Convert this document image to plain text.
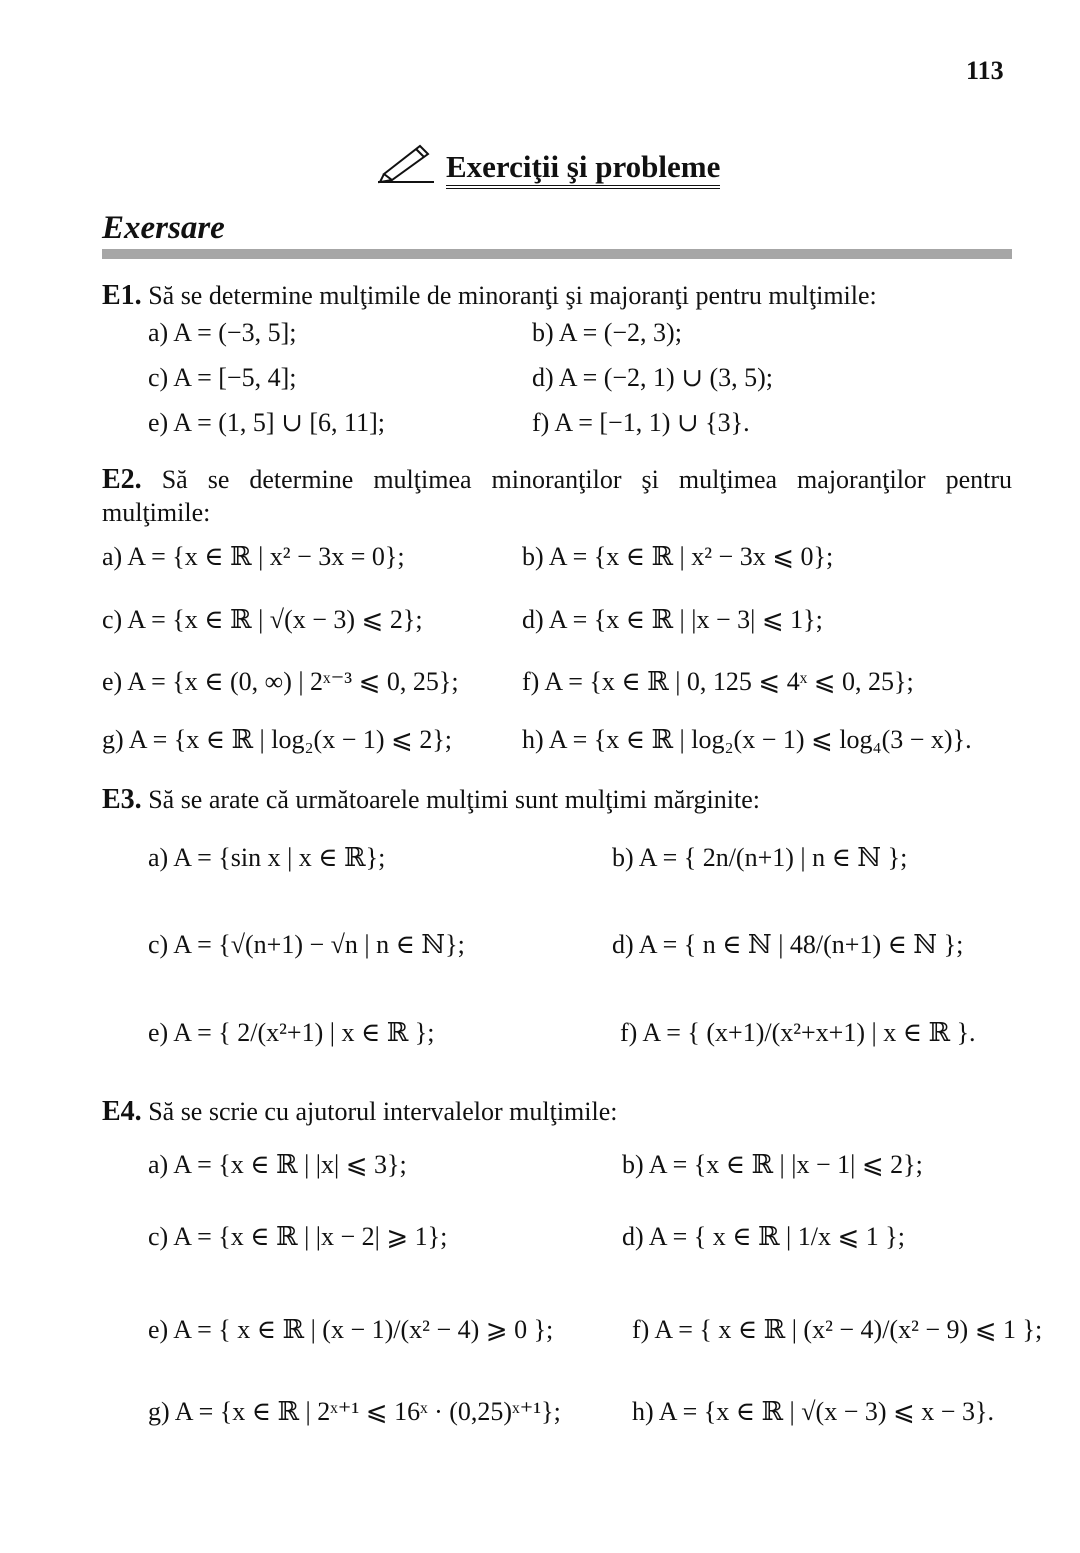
113
Exerciţii şi probleme
Exersare
E1. Să se determine mulţimile de minoranţi şi majoranţi pentru mulţimile:
a) A = (−3, 5];	b) A = (−2, 3);
c) A = [−5, 4];	d) A = (−2, 1) ∪ (3, 5);
e) A = (1, 5] ∪ [6, 11];	f) A = [−1, 1) ∪ {3}.
E2. Să se determine mulţimea minoranţilor şi mulţimea majoranţilor pentru
mulţimile:
a) A = {x ∈ ℝ | x² − 3x = 0};	b) A = {x ∈ ℝ | x² − 3x ⩽ 0};
c) A = {x ∈ ℝ | √(x − 3) ⩽ 2};	d) A = {x ∈ ℝ | |x − 3| ⩽ 1};
e) A = {x ∈ (0, ∞) | 2ˣ⁻³ ⩽ 0, 25}; f) A = {x ∈ ℝ | 0, 125 ⩽ 4ˣ ⩽ 0, 25};
g) A = {x ∈ ℝ | log₂(x − 1) ⩽ 2};	h) A = {x ∈ ℝ | log₂(x − 1) ⩽ log₄(3 − x)}.
E3. Să se arate că următoarele mulţimi sunt mulţimi mărginite:
a) A = {sin x | x ∈ ℝ};	b) A = { 2n/(n+1) | n ∈ ℕ };
c) A = {√(n+1) − √n | n ∈ ℕ};	d) A = { n ∈ ℕ | 48/(n+1) ∈ ℕ };
e) A = { 2/(x²+1) | x ∈ ℝ };	f) A = { (x+1)/(x²+x+1) | x ∈ ℝ }.
E4. Să se scrie cu ajutorul intervalelor mulţimile:
a) A = {x ∈ ℝ | |x| ⩽ 3};	b) A = {x ∈ ℝ | |x − 1| ⩽ 2};
c) A = {x ∈ ℝ | |x − 2| ⩾ 1};	d) A = { x ∈ ℝ | 1/x ⩽ 1 };
e) A = { x ∈ ℝ | (x − 1)/(x² − 4) ⩾ 0 };	f) A = { x ∈ ℝ | (x² − 4)/(x² − 9) ⩽ 1 };
g) A = {x ∈ ℝ | 2ˣ⁺¹ ⩽ 16ˣ · (0,25)ˣ⁺¹};	h) A = {x ∈ ℝ | √(x − 3) ⩽ x − 3}.
